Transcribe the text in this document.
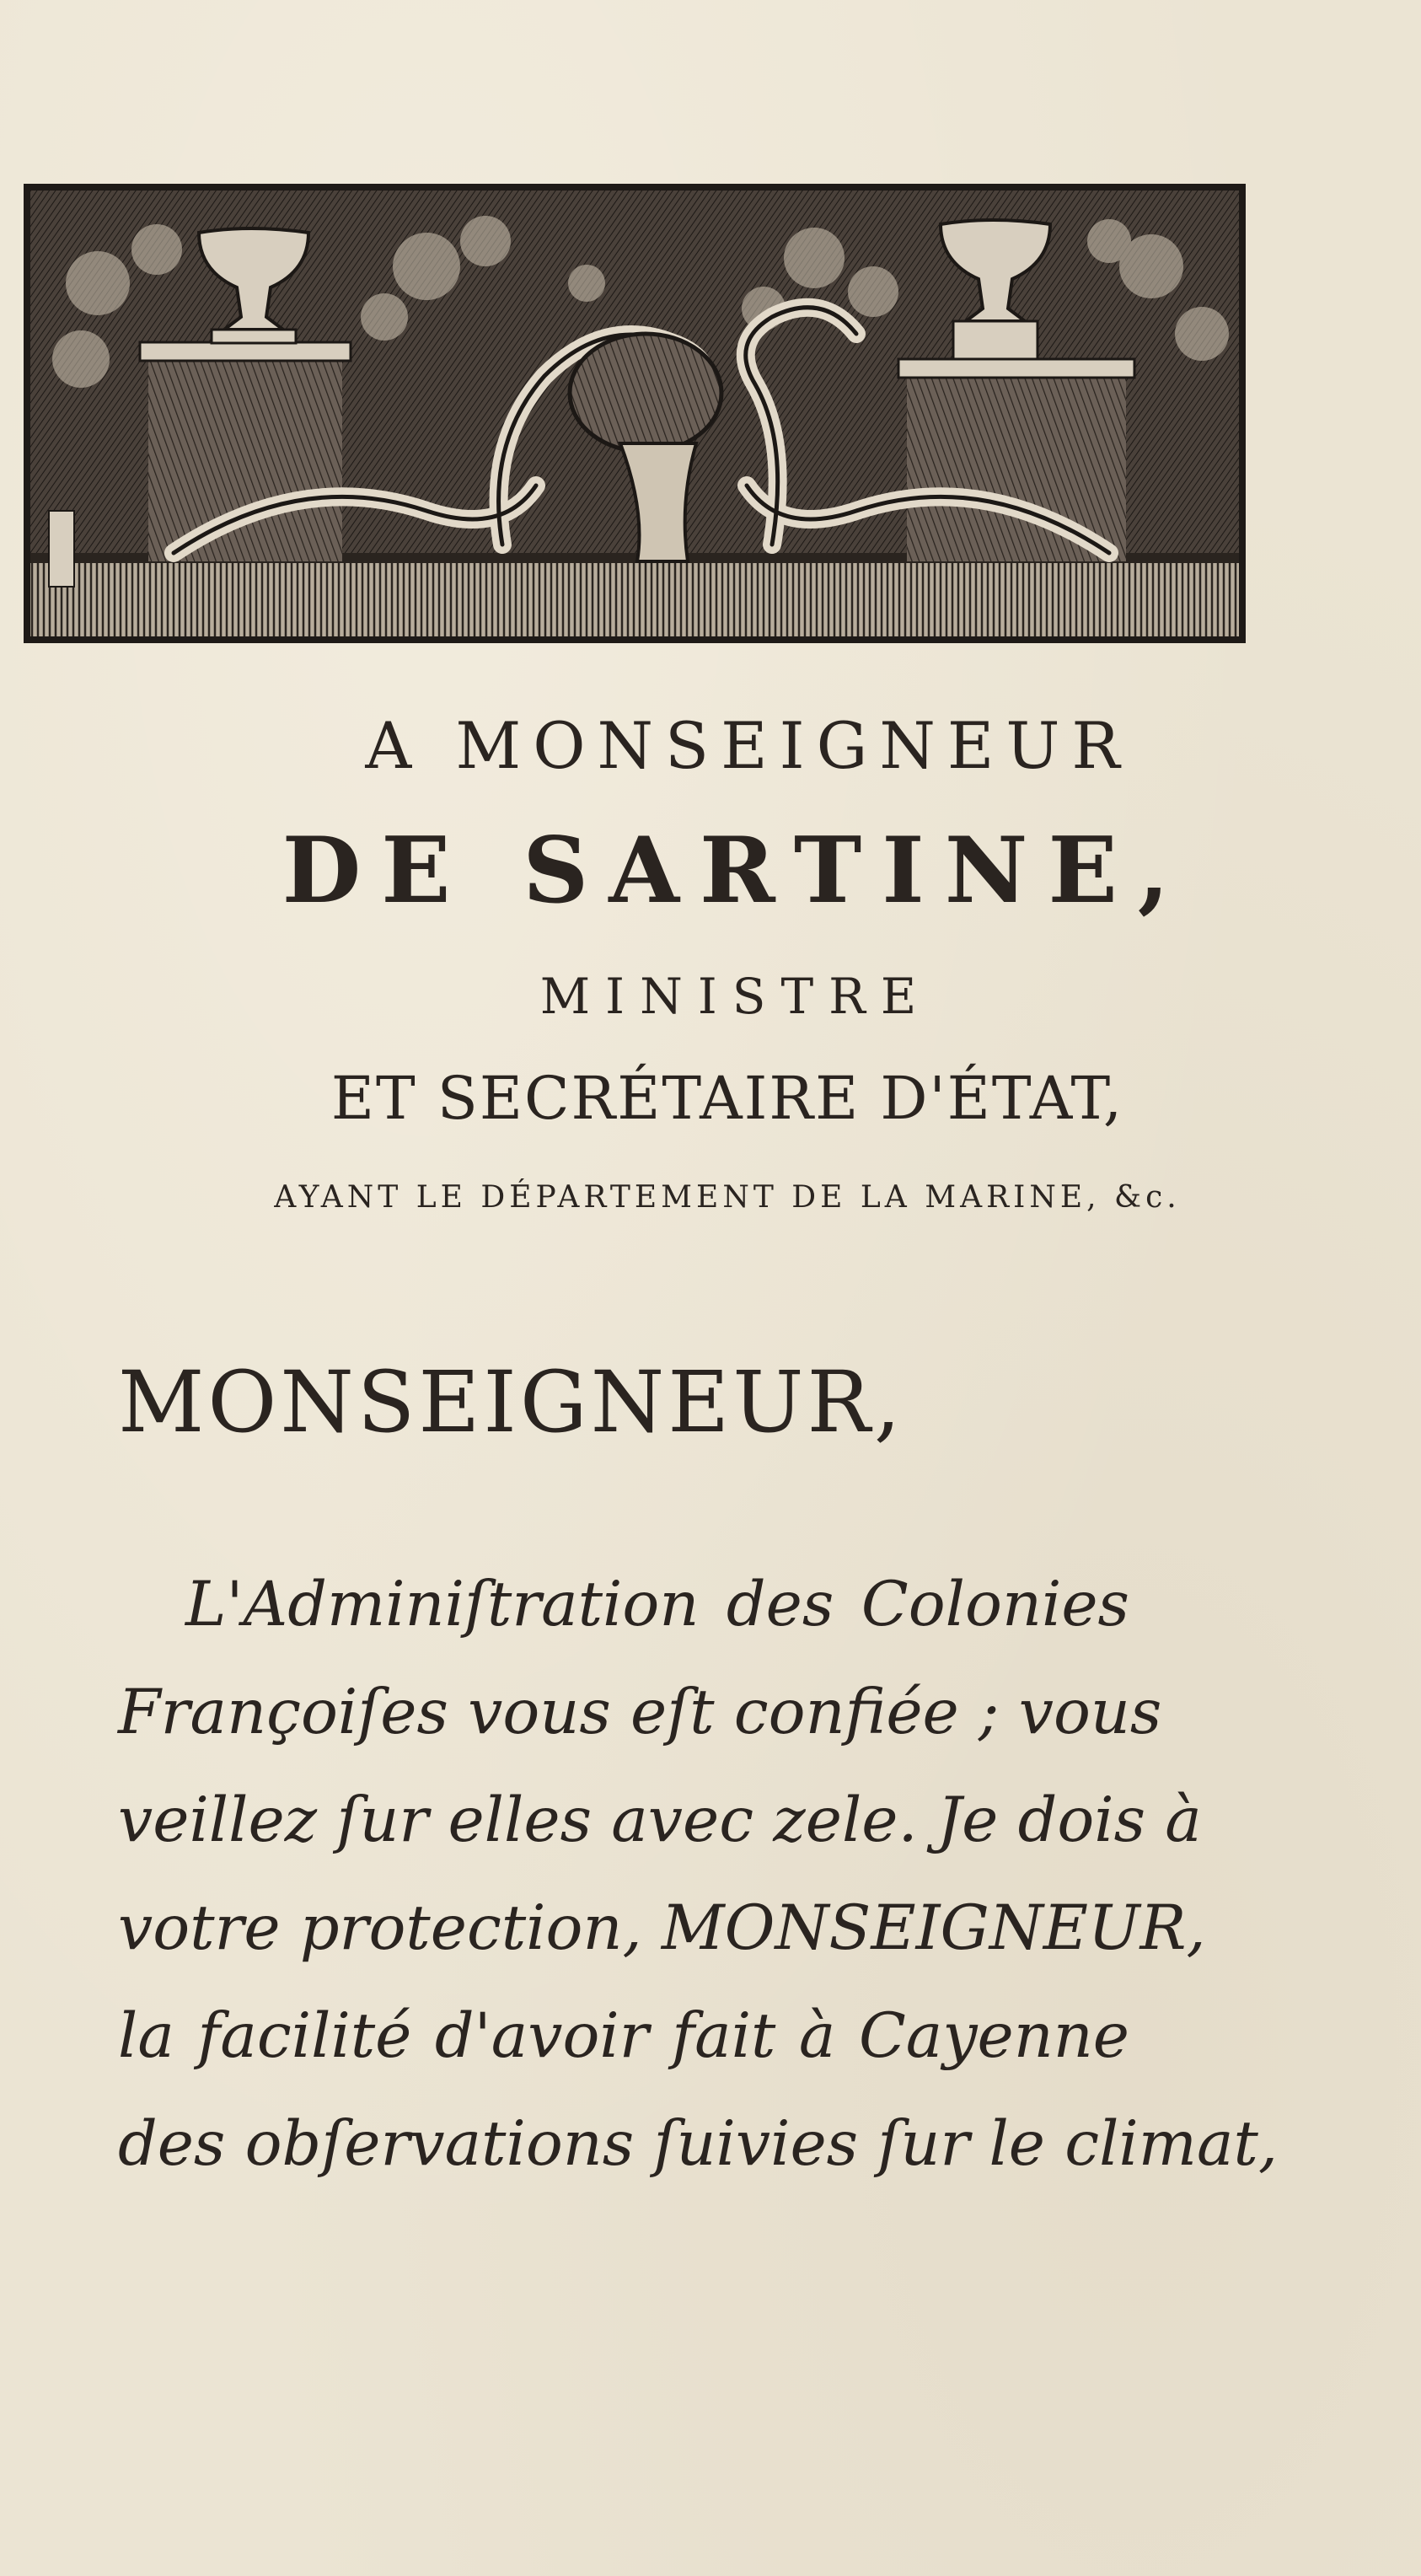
A MONSEIGNEUR
DE SARTINE,
MINISTRE
ET SECRÉTAIRE D'ÉTAT,
AYANT LE DÉPARTEMENT DE LA MARINE, &c.
MONSEIGNEUR,
L'Adminiſtration des Colonies
Françoiſes vous eſt confiée ; vous
veillez ſur elles avec zele. Je dois à
votre protection, MONSEIGNEUR,
la facilité d'avoir fait à Cayenne
des obſervations ſuivies ſur le climat,
